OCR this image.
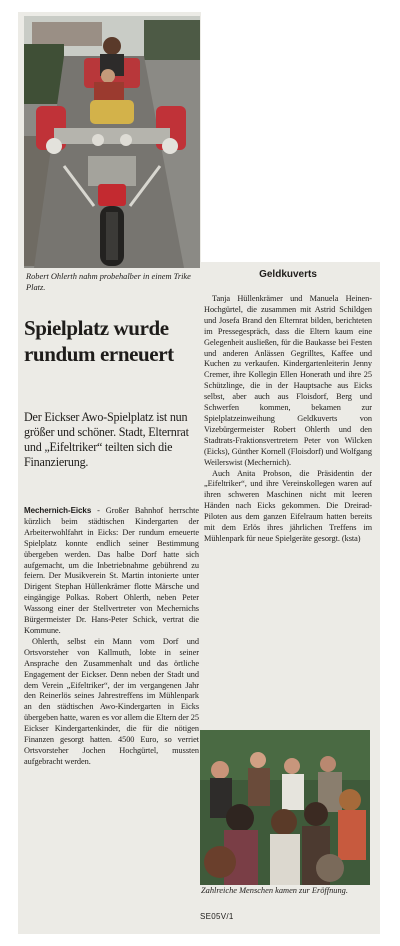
Robert Ohlerth nahm probehalber in einem Trike Platz.
Spielplatz wurde rundum erneuert

Der Eickser Awo-Spielplatz ist nun größer und schöner. Stadt, Elternrat und „Eifeltriker“ teilten sich die Finanzierung.

Mechernich-Eicks - Großer Bahnhof herrschte kürzlich beim städtischen Kindergarten der Arbeiterwohlfahrt in Eicks: Der rundum erneuerte Spielplatz konnte endlich seiner Bestimmung übergeben werden. Das halbe Dorf hatte sich aufgemacht, um die Inbetriebnahme gebührend zu feiern. Der Musikverein St. Martin intonierte unter Dirigent Stephan Hüllenkrämer flotte Märsche und eingängige Polkas. Robert Ohlerth, neben Peter Wassong einer der Stellvertreter von Mechernichs Bürgermeister Dr. Hans-Peter Schick, vertrat die Kommune.

Ohlerth, selbst ein Mann vom Dorf und Ortsvorsteher von Kallmuth, lobte in seiner Ansprache den Zusammenhalt und das örtliche Engagement der Eickser. Denn neben der Stadt und dem Verein „Eifeltriker“, der im vergangenen Jahr den Reinerlös seines Jahrestreffens im Mühlenpark an den städtischen Awo-Kindergarten in Eicks übergeben hatte, waren es vor allem die Eltern der 25 Eickser Kindergartenkinder, die für die nötigen Finanzen gesorgt hatten. 4500 Euro, so verriet Ortsvorsteher Jochen Hochgürtel, mussten aufgebracht werden.

Geldkuverts

Tanja Hüllenkrämer und Manuela Heinen-Hochgürtel, die zusammen mit Astrid Schildgen und Josefa Brand den Elternrat bilden, berichteten im Pressegespräch, dass die Eltern kaum eine Gelegenheit ausließen, für die Baukasse bei Festen und anderen Anlässen Gegrilltes, Kaffee und Kuchen zu verkaufen. Kindergartenleiterin Jenny Cremer, ihre Kollegin Ellen Honerath und ihre 25 Schützlinge, die in der Hauptsache aus Eicks selbst, aber auch aus Floisdorf, Berg und Schwerfen kommen, bekamen zur Spielplatzeinweihung Geldkuverts von Vizebürgermeister Robert Ohlerth und den Stadtrats-Fraktionsvertretern Peter von Wilcken (Eicks), Günther Kornell (Floisdorf) und Wolfgang Weilerswist (Mechernich).

Auch Anita Probson, die Präsidentin der „Eifeltriker“, und ihre Vereinskollegen waren auf ihren schweren Maschinen nicht mit leeren Händen nach Eicks gekommen. Die Dreirad-Piloten aus dem ganzen Eifelraum hatten bereits mit dem Erlös ihres jährlichen Treffens im Mühlenpark für neue Spielgeräte gesorgt. (ksta)

Zahlreiche Menschen kamen zur Eröffnung.
SE05V/1
